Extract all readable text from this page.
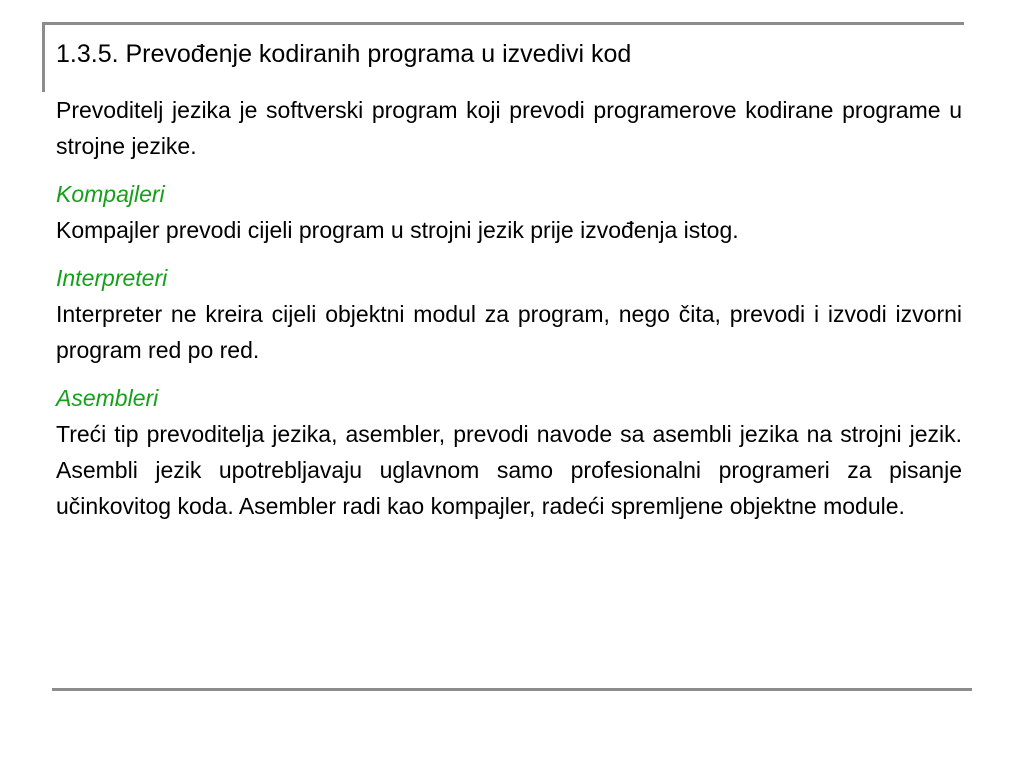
1.3.5. Prevođenje kodiranih programa u izvedivi kod

Prevoditelj jezika je softverski program koji prevodi programerove kodirane programe u strojne jezike.

Kompajleri

Kompajler prevodi cijeli program u strojni jezik prije izvođenja istog.

Interpreteri

Interpreter ne kreira cijeli objektni modul za program, nego čita, prevodi i izvodi izvorni program red po red.

Asembleri

Treći tip prevoditelja jezika, asembler, prevodi navode sa asembli jezika na strojni jezik. Asembli jezik upotrebljavaju uglavnom samo profesionalni programeri za pisanje učinkovitog koda. Asembler radi kao kompajler, radeći spremljene objektne module.
